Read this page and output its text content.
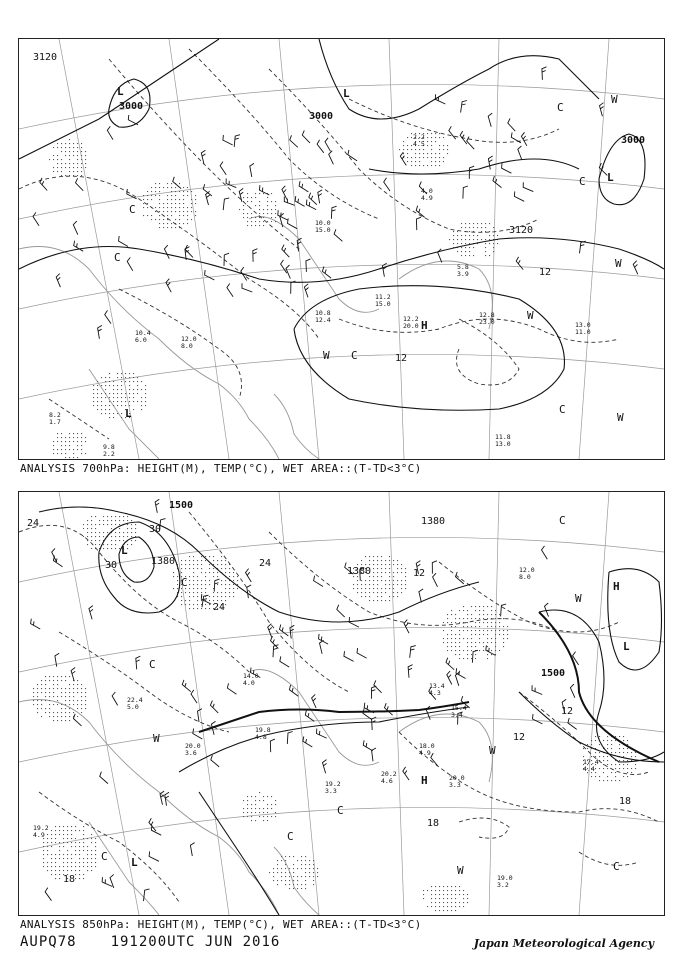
11.2
15.0
12.2
20.0
12.8
23.0	13.0
11.0
11.8
13.0
10.8
12.4
12.0
8.0
10.4
6.0
8.2
1.7
9.8
2.2
10.0
15.0
2.2
4.5
5.8
3.9
4.0
4.9
3120
3000
3000
3000
3120
12
12
L	L
L
L
H
C
C
C
C
C
C
W
W
W
W
W
ANALYSIS 700hPa: HEIGHT(M), TEMP(°C), WET AREA::(T-TD<3°C)
20.0
3.3
18.0
4.9
19.2
3.3
20.2
4.6
19.0
3.2
22.4
5.0
20.0
3.6
15.4
3.4
13.4
4.3
17.4
4.4
12.0
8.0
19.2
4.9
19.8
4.8
14.0
4.0
1500
1500
1380
1380
1380
24
24
24
30
30
12
12
12
18
18
18
L
L
L
H
H
C
C
C
C
C
C
C
W
W
W
W
ANALYSIS 850hPa: HEIGHT(M), TEMP(°C), WET AREA::(T-TD<3°C)
AUPQ78 191200UTC JUN 2016	Japan Meteorological Agency
